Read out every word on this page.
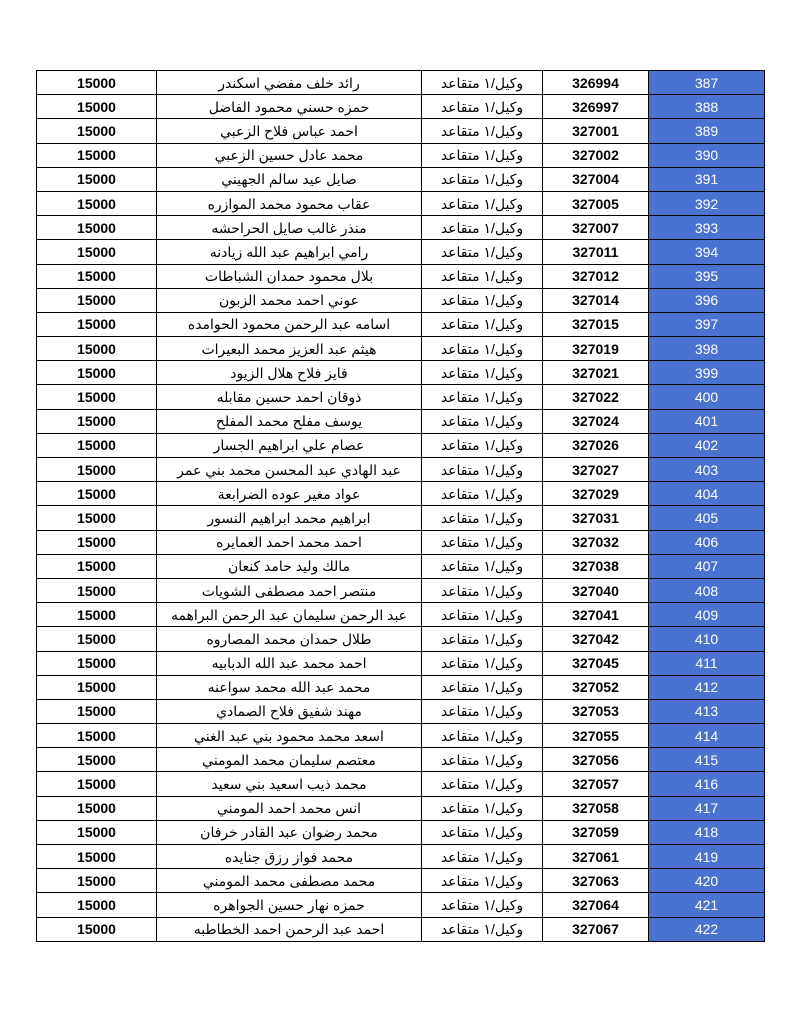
15000	رائد خلف مفضي اسكندر	وكيل/١ متقاعد	326994	387
15000	حمزه حسني محمود الفاضل	وكيل/١ متقاعد	326997	388
15000	احمد عباس فلاح الزعبي	وكيل/١ متقاعد	327001	389
15000	محمد عادل حسين الزعبي	وكيل/١ متقاعد	327002	390
15000	صايل عيد سالم الجهيني	وكيل/١ متقاعد	327004	391
15000	عقاب محمود محمد الموازره	وكيل/١ متقاعد	327005	392
15000	منذر غالب صايل الحراحشه	وكيل/١ متقاعد	327007	393
15000	رامي ابراهيم عبد الله زيادنه	وكيل/١ متقاعد	327011	394
15000	بلال محمود حمدان الشباطات	وكيل/١ متقاعد	327012	395
15000	عوني احمد محمد الزبون	وكيل/١ متقاعد	327014	396
15000	اسامه عبد الرحمن محمود الحوامده	وكيل/١ متقاعد	327015	397
15000	هيثم عبد العزيز محمد البعيرات	وكيل/١ متقاعد	327019	398
15000	فايز فلاح هلال الزيود	وكيل/١ متقاعد	327021	399
15000	ذوقان احمد حسين مقابله	وكيل/١ متقاعد	327022	400
15000	يوسف مفلح محمد المفلح	وكيل/١ متقاعد	327024	401
15000	عصام علي ابراهيم الجسار	وكيل/١ متقاعد	327026	402
15000	عبد الهادي عبد المحسن محمد بني عمر	وكيل/١ متقاعد	327027	403
15000	عواد مغير عوده الضرابعة	وكيل/١ متقاعد	327029	404
15000	ابراهيم محمد ابراهيم النسور	وكيل/١ متقاعد	327031	405
15000	احمد محمد احمد العمايره	وكيل/١ متقاعد	327032	406
15000	مالك وليد حامد كنعان	وكيل/١ متقاعد	327038	407
15000	منتصر احمد مصطفى الشويات	وكيل/١ متقاعد	327040	408
15000	عبد الرحمن سليمان عبد الرحمن البراهمه	وكيل/١ متقاعد	327041	409
15000	طلال حمدان محمد المصاروه	وكيل/١ متقاعد	327042	410
15000	احمد محمد عبد الله الدبابيه	وكيل/١ متقاعد	327045	411
15000	محمد عبد الله محمد سواعنه	وكيل/١ متقاعد	327052	412
15000	مهند شفيق فلاح الصمادي	وكيل/١ متقاعد	327053	413
15000	اسعد محمد محمود بني عبد الغني	وكيل/١ متقاعد	327055	414
15000	معتصم سليمان محمد المومني	وكيل/١ متقاعد	327056	415
15000	محمد ذيب اسعيد بني سعيد	وكيل/١ متقاعد	327057	416
15000	انس محمد احمد المومني	وكيل/١ متقاعد	327058	417
15000	محمد رضوان عبد القادر خرفان	وكيل/١ متقاعد	327059	418
15000	محمد فواز رزق جنايده	وكيل/١ متقاعد	327061	419
15000	محمد مصطفى محمد المومني	وكيل/١ متقاعد	327063	420
15000	حمزه نهار حسين الجواهره	وكيل/١ متقاعد	327064	421
15000	احمد عبد الرحمن احمد الخطاطبه	وكيل/١ متقاعد	327067	422
